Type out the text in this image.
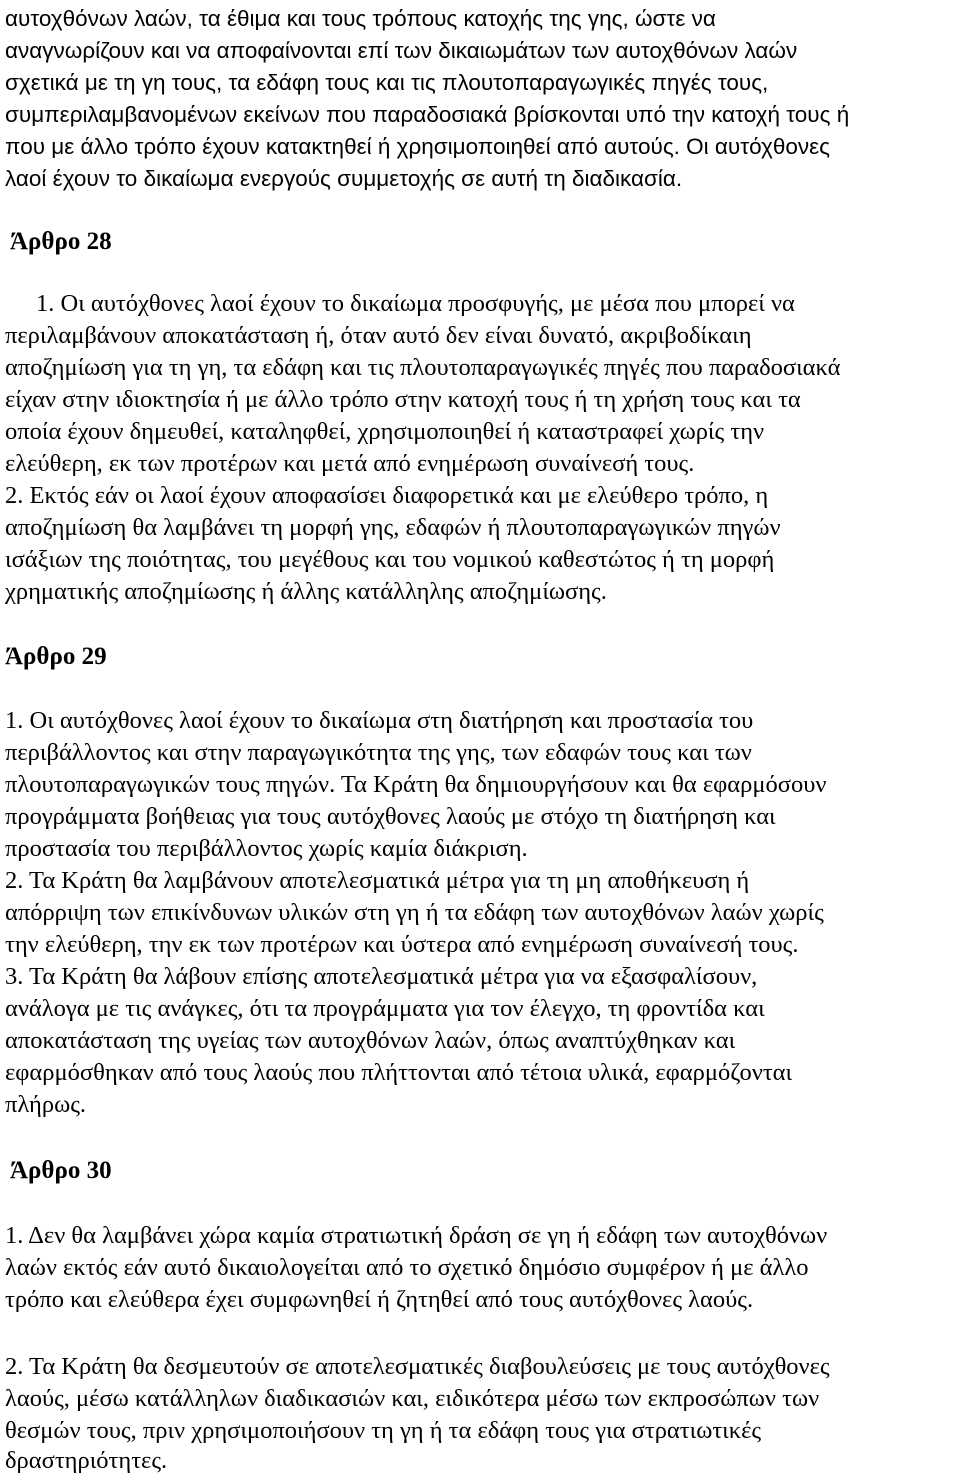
αυτοχθόνων λαών, τα έθιμα και τους τρόπους κατοχής της γης, ώστε να
αναγνωρίζουν και να αποφαίνονται επί των δικαιωμάτων των αυτοχθόνων λαών
σχετικά με τη γη τους, τα εδάφη τους και τις πλουτοπαραγωγικές πηγές τους,
συμπεριλαμβανομένων εκείνων που παραδοσιακά βρίσκονται υπό την κατοχή τους ή
που με άλλο τρόπο έχουν κατακτηθεί ή χρησιμοποιηθεί από αυτούς. Οι αυτόχθονες
λαοί έχουν το δικαίωμα ενεργούς συμμετοχής σε αυτή τη διαδικασία.
Άρθρο 28
1. Οι αυτόχθονες λαοί έχουν το δικαίωμα προσφυγής, με μέσα που μπορεί να
περιλαμβάνουν αποκατάσταση ή, όταν αυτό δεν είναι δυνατό, ακριβοδίκαιη
αποζημίωση για τη γη, τα εδάφη και τις πλουτοπαραγωγικές πηγές που παραδοσιακά
είχαν στην ιδιοκτησία ή με άλλο τρόπο στην κατοχή τους ή τη χρήση τους και τα
οποία έχουν δημευθεί, καταληφθεί, χρησιμοποιηθεί ή καταστραφεί χωρίς την
ελεύθερη, εκ των προτέρων και μετά από ενημέρωση συναίνεσή τους.
2. Εκτός εάν οι λαοί έχουν αποφασίσει διαφορετικά και με ελεύθερο τρόπο, η
αποζημίωση θα λαμβάνει τη μορφή γης, εδαφών ή πλουτοπαραγωγικών πηγών
ισάξιων της ποιότητας, του μεγέθους και του νομικού καθεστώτος ή τη μορφή
χρηματικής αποζημίωσης ή άλλης κατάλληλης αποζημίωσης.
Άρθρο 29
1. Οι αυτόχθονες λαοί έχουν το δικαίωμα στη διατήρηση και προστασία του
περιβάλλοντος και στην παραγωγικότητα της γης, των εδαφών τους και των
πλουτοπαραγωγικών τους πηγών. Τα Κράτη θα δημιουργήσουν και θα εφαρμόσουν
προγράμματα βοήθειας για τους αυτόχθονες λαούς με στόχο τη διατήρηση και
προστασία του περιβάλλοντος χωρίς καμία διάκριση.
2. Τα Κράτη θα λαμβάνουν αποτελεσματικά μέτρα για τη μη αποθήκευση ή
απόρριψη των επικίνδυνων υλικών στη γη ή τα εδάφη των αυτοχθόνων λαών χωρίς
την ελεύθερη, την εκ των προτέρων και ύστερα από ενημέρωση συναίνεσή τους.
3. Τα Κράτη θα λάβουν επίσης αποτελεσματικά μέτρα για να εξασφαλίσουν,
ανάλογα με τις ανάγκες, ότι τα προγράμματα για τον έλεγχο, τη φροντίδα και
αποκατάσταση της υγείας των αυτοχθόνων λαών, όπως αναπτύχθηκαν και
εφαρμόσθηκαν από τους λαούς που πλήττονται από τέτοια υλικά, εφαρμόζονται
πλήρως.
Άρθρο 30
1. Δεν θα λαμβάνει χώρα καμία στρατιωτική δράση σε γη ή εδάφη των αυτοχθόνων
λαών εκτός εάν αυτό δικαιολογείται από το σχετικό δημόσιο συμφέρον ή με άλλο
τρόπο και ελεύθερα έχει συμφωνηθεί ή ζητηθεί από τους αυτόχθονες λαούς.
2. Τα Κράτη θα δεσμευτούν σε αποτελεσματικές διαβουλεύσεις με τους αυτόχθονες
λαούς, μέσω κατάλληλων διαδικασιών και, ειδικότερα μέσω των εκπροσώπων των
θεσμών τους, πριν χρησιμοποιήσουν τη γη ή τα εδάφη τους για στρατιωτικές
δραστηριότητες.
